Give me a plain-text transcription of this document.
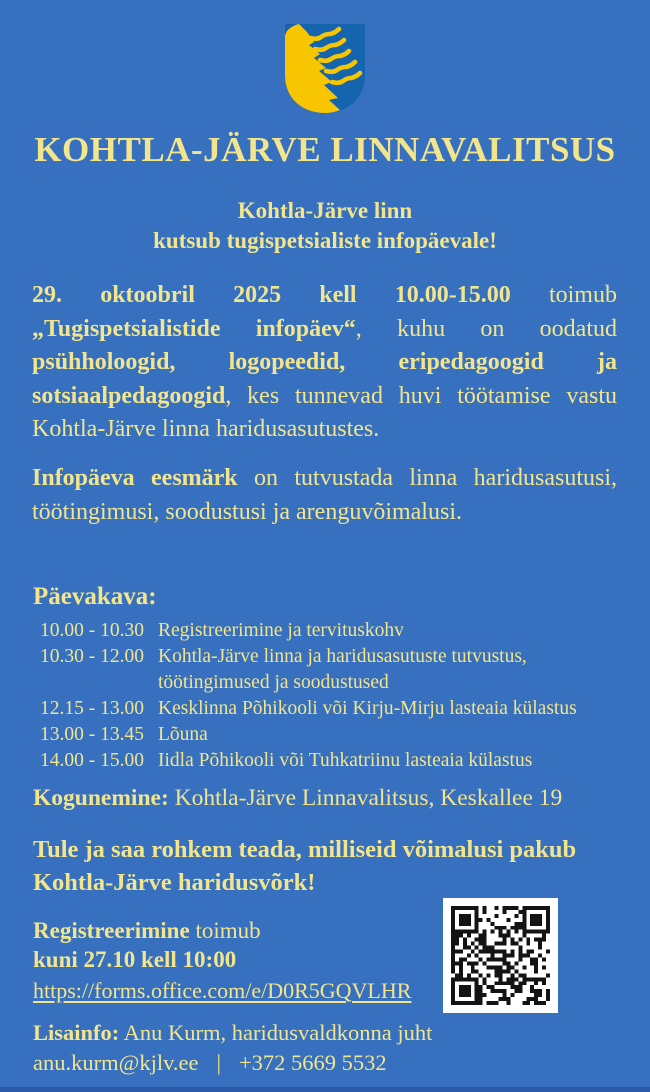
KOHTLA-JÄRVE LINNAVALITSUS
Kohtla-Järve linn
kutsub tugispetsialiste infopäevale!

29. oktoobril 2025 kell 10.00-15.00 toimub „Tugispetsialistide infopäev“, kuhu on oodatud psühholoogid, logopeedid, eripedagoogid ja sotsiaalpedagoogid, kes tunnevad huvi töötamise vastu Kohtla-Järve linna haridusasutustes.

Infopäeva eesmärk on tutvustada linna haridusasutusi, töötingimusi, soodustusi ja arenguvõimalusi.

Päevakava:
10.00 - 10.30 Registreerimine ja tervituskohv
10.30 - 12.00 Kohtla-Järve linna ja haridusasutuste tutvustus, töötingimused ja soodustused
12.15 - 13.00 Kesklinna Põhikooli või Kirju-Mirju lasteaia külastus
13.00 - 13.45 Lõuna
14.00 - 15.00 Iidla Põhikooli või Tuhkatriinu lasteaia külastus
Kogunemine: Kohtla-Järve Linnavalitsus, Keskallee 19
Tule ja saa rohkem teada, milliseid võimalusi pakub Kohtla-Järve haridusvõrk!
Registreerimine toimub
kuni 27.10 kell 10:00
https://forms.office.com/e/D0R5GQVLHR
Lisainfo: Anu Kurm, haridusvaldkonna juht
anu.kurm@kjlv.ee | +372 5669 5532
